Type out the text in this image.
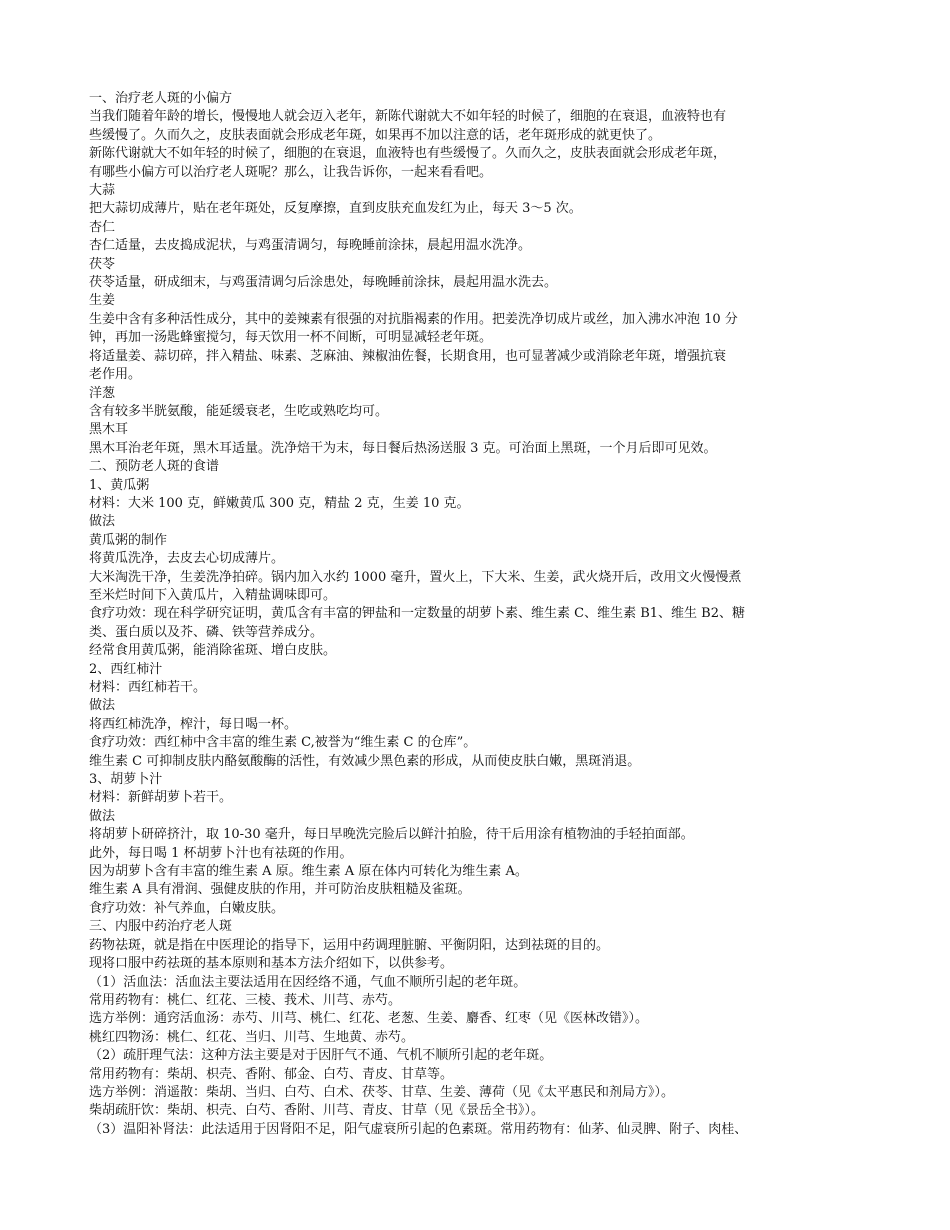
一、治疗老人斑的小偏方
当我们随着年龄的增长，慢慢地人就会迈入老年，新陈代谢就大不如年轻的时候了，细胞的在衰退，血液特也有
些缓慢了。久而久之，皮肤表面就会形成老年斑，如果再不加以注意的话，老年斑形成的就更快了。
新陈代谢就大不如年轻的时候了，细胞的在衰退，血液特也有些缓慢了。久而久之，皮肤表面就会形成老年斑，
有哪些小偏方可以治疗老人斑呢？那么，让我告诉你，一起来看看吧。
大蒜
把大蒜切成薄片，贴在老年斑处，反复摩擦，直到皮肤充血发红为止，每天 3～5 次。
杏仁
杏仁适量，去皮捣成泥状，与鸡蛋清调匀，每晚睡前涂抹，晨起用温水洗净。
茯苓
茯苓适量，研成细末，与鸡蛋清调匀后涂患处，每晚睡前涂抹，晨起用温水洗去。
生姜
生姜中含有多种活性成分，其中的姜辣素有很强的对抗脂褐素的作用。把姜洗净切成片或丝，加入沸水冲泡 10 分
钟，再加一汤匙蜂蜜搅匀，每天饮用一杯不间断，可明显减轻老年斑。
将适量姜、蒜切碎，拌入精盐、味素、芝麻油、辣椒油佐餐，长期食用，也可显著减少或消除老年斑，增强抗衰
老作用。
洋葱
含有较多半胱氨酸，能延缓衰老，生吃或熟吃均可。
黑木耳
黑木耳治老年斑，黑木耳适量。洗净焙干为末，每日餐后热汤送服 3 克。可治面上黑斑，一个月后即可见效。
二、预防老人斑的食谱
1、黄瓜粥
材料：大米 100 克，鲜嫩黄瓜 300 克，精盐 2 克，生姜 10 克。
做法
黄瓜粥的制作
将黄瓜洗净，去皮去心切成薄片。
大米淘洗干净，生姜洗净拍碎。锅内加入水约 1000 毫升，置火上，下大米、生姜，武火烧开后，改用文火慢慢煮
至米烂时间下入黄瓜片，入精盐调味即可。
食疗功效：现在科学研究证明，黄瓜含有丰富的钾盐和一定数量的胡萝卜素、维生素 C、维生素 B1、维生 B2、糖
类、蛋白质以及芥、磷、铁等营养成分。
经常食用黄瓜粥，能消除雀斑、增白皮肤。
2、西红柿汁
材料：西红柿若干。
做法
将西红柿洗净，榨汁，每日喝一杯。
食疗功效：西红柿中含丰富的维生素 C,被誉为“维生素 C 的仓库”。
维生素 C 可抑制皮肤内酪氨酸酶的活性，有效减少黑色素的形成，从而使皮肤白嫩，黑斑消退。
3、胡萝卜汁
材料：新鲜胡萝卜若干。
做法
将胡萝卜研碎挤汁，取 10-30 毫升，每日早晚洗完脸后以鲜汁拍脸，待干后用涂有植物油的手轻拍面部。
此外，每日喝 1 杯胡萝卜汁也有祛斑的作用。
因为胡萝卜含有丰富的维生素 A 原。维生素 A 原在体内可转化为维生素 A。
维生素 A 具有滑润、强健皮肤的作用，并可防治皮肤粗糙及雀斑。
食疗功效：补气养血，白嫩皮肤。
三、内服中药治疗老人斑
药物祛斑，就是指在中医理论的指导下，运用中药调理脏腑、平衡阴阳，达到祛斑的目的。
现将口服中药祛斑的基本原则和基本方法介绍如下，以供参考。
（1）活血法：活血法主要法适用在因经络不通，气血不顺所引起的老年斑。
常用药物有：桃仁、红花、三棱、莪术、川芎、赤芍。
选方举例：通窍活血汤：赤芍、川芎、桃仁、红花、老葱、生姜、麝香、红枣（见《医林改错》）。
桃红四物汤：桃仁、红花、当归、川芎、生地黄、赤芍。
（2）疏肝理气法：这种方法主要是对于因肝气不通、气机不顺所引起的老年斑。
常用药物有：柴胡、枳壳、香附、郁金、白芍、青皮、甘草等。
选方举例：消遥散：柴胡、当归、白芍、白术、茯苓、甘草、生姜、薄荷（见《太平惠民和剂局方》）。
柴胡疏肝饮：柴胡、枳壳、白芍、香附、川芎、青皮、甘草（见《景岳全书》）。
（3）温阳补肾法：此法适用于因肾阳不足，阳气虚衰所引起的色素斑。常用药物有：仙茅、仙灵脾、附子、肉桂、
